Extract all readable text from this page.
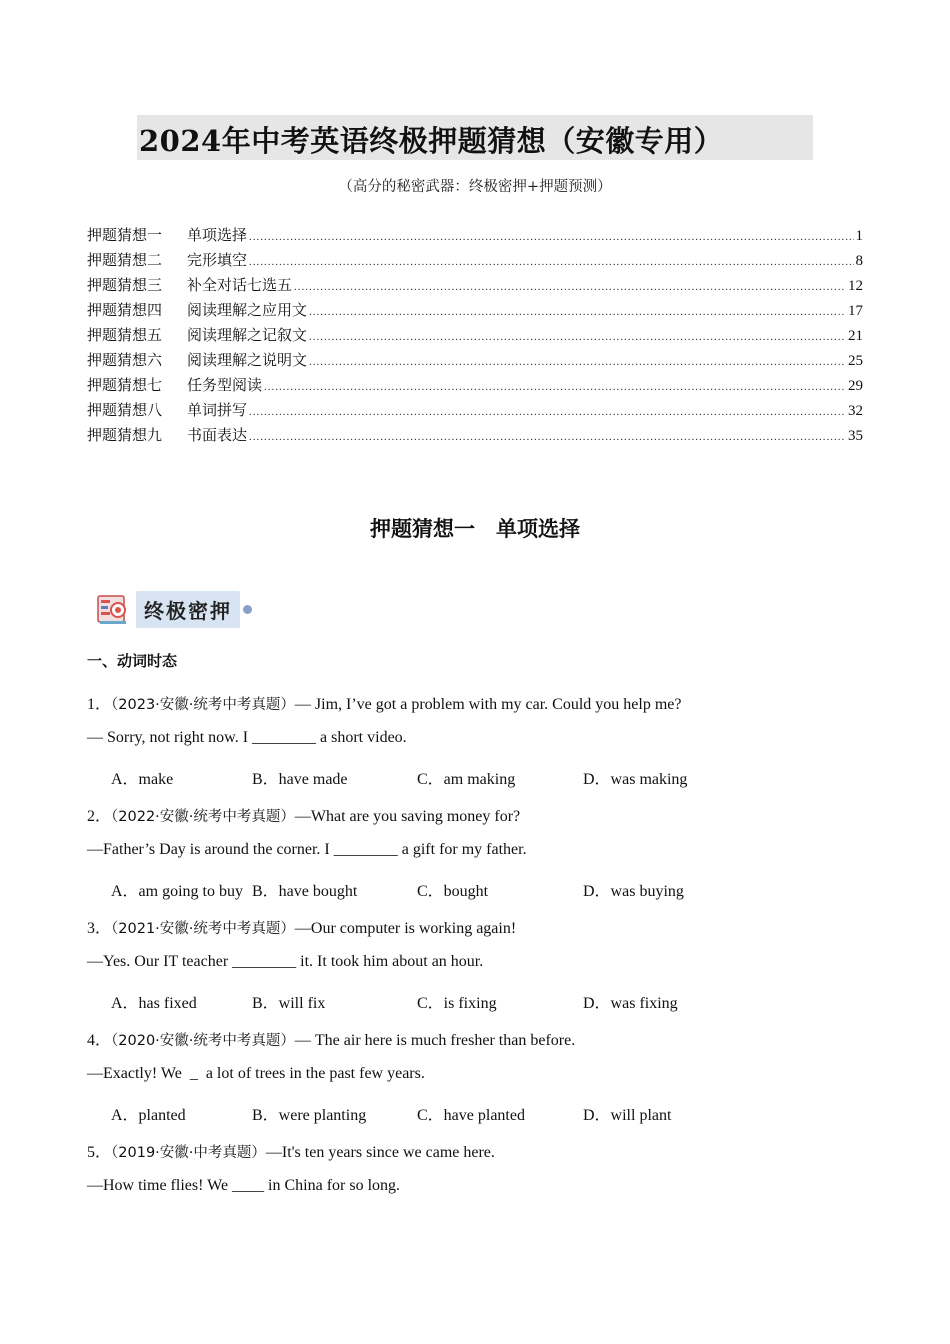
2024年中考英语终极押题猜想（安徽专用）
（高分的秘密武器：终极密押+押题预测）
押题猜想一	单项选择 .....	1
押题猜想二	完形填空 .....	8
押题猜想三	补全对话七选五 .....	12
押题猜想四	阅读理解之应用文 .....	17
押题猜想五	阅读理解之记叙文 .....	21
押题猜想六	阅读理解之说明文 .....	25
押题猜想七	任务型阅读 .....	29
押题猜想八	单词拼写 .....	32
押题猜想九	书面表达 .....	35
押题猜想一　单项选择
终极密押
一、动词时态
1．（2023·安徽·统考中考真题）— Jim, I’ve got a problem with my car. Could you help me?
— Sorry, not right now. I ________ a short video.
A．make	B．have made	C．am making	D．was making
2．（2022·安徽·统考中考真题）—What are you saving money for?
—Father’s Day is around the corner. I ________ a gift for my father.
A．am going to buy B．have bought	C．bought	D．was buying
3．（2021·安徽·统考中考真题）—Our computer is working again!
—Yes. Our IT teacher ________ it. It took him about an hour.
A．has fixed	B．will fix	C．is fixing	D．was fixing
4．（2020·安徽·统考中考真题）— The air here is much fresher than before.
—Exactly! We  _  a lot of trees in the past few years.
A．planted	B．were planting	C．have planted	D．will plant
5．（2019·安徽·中考真题）—It's ten years since we came here.
—How time flies! We ____ in China for so long.
